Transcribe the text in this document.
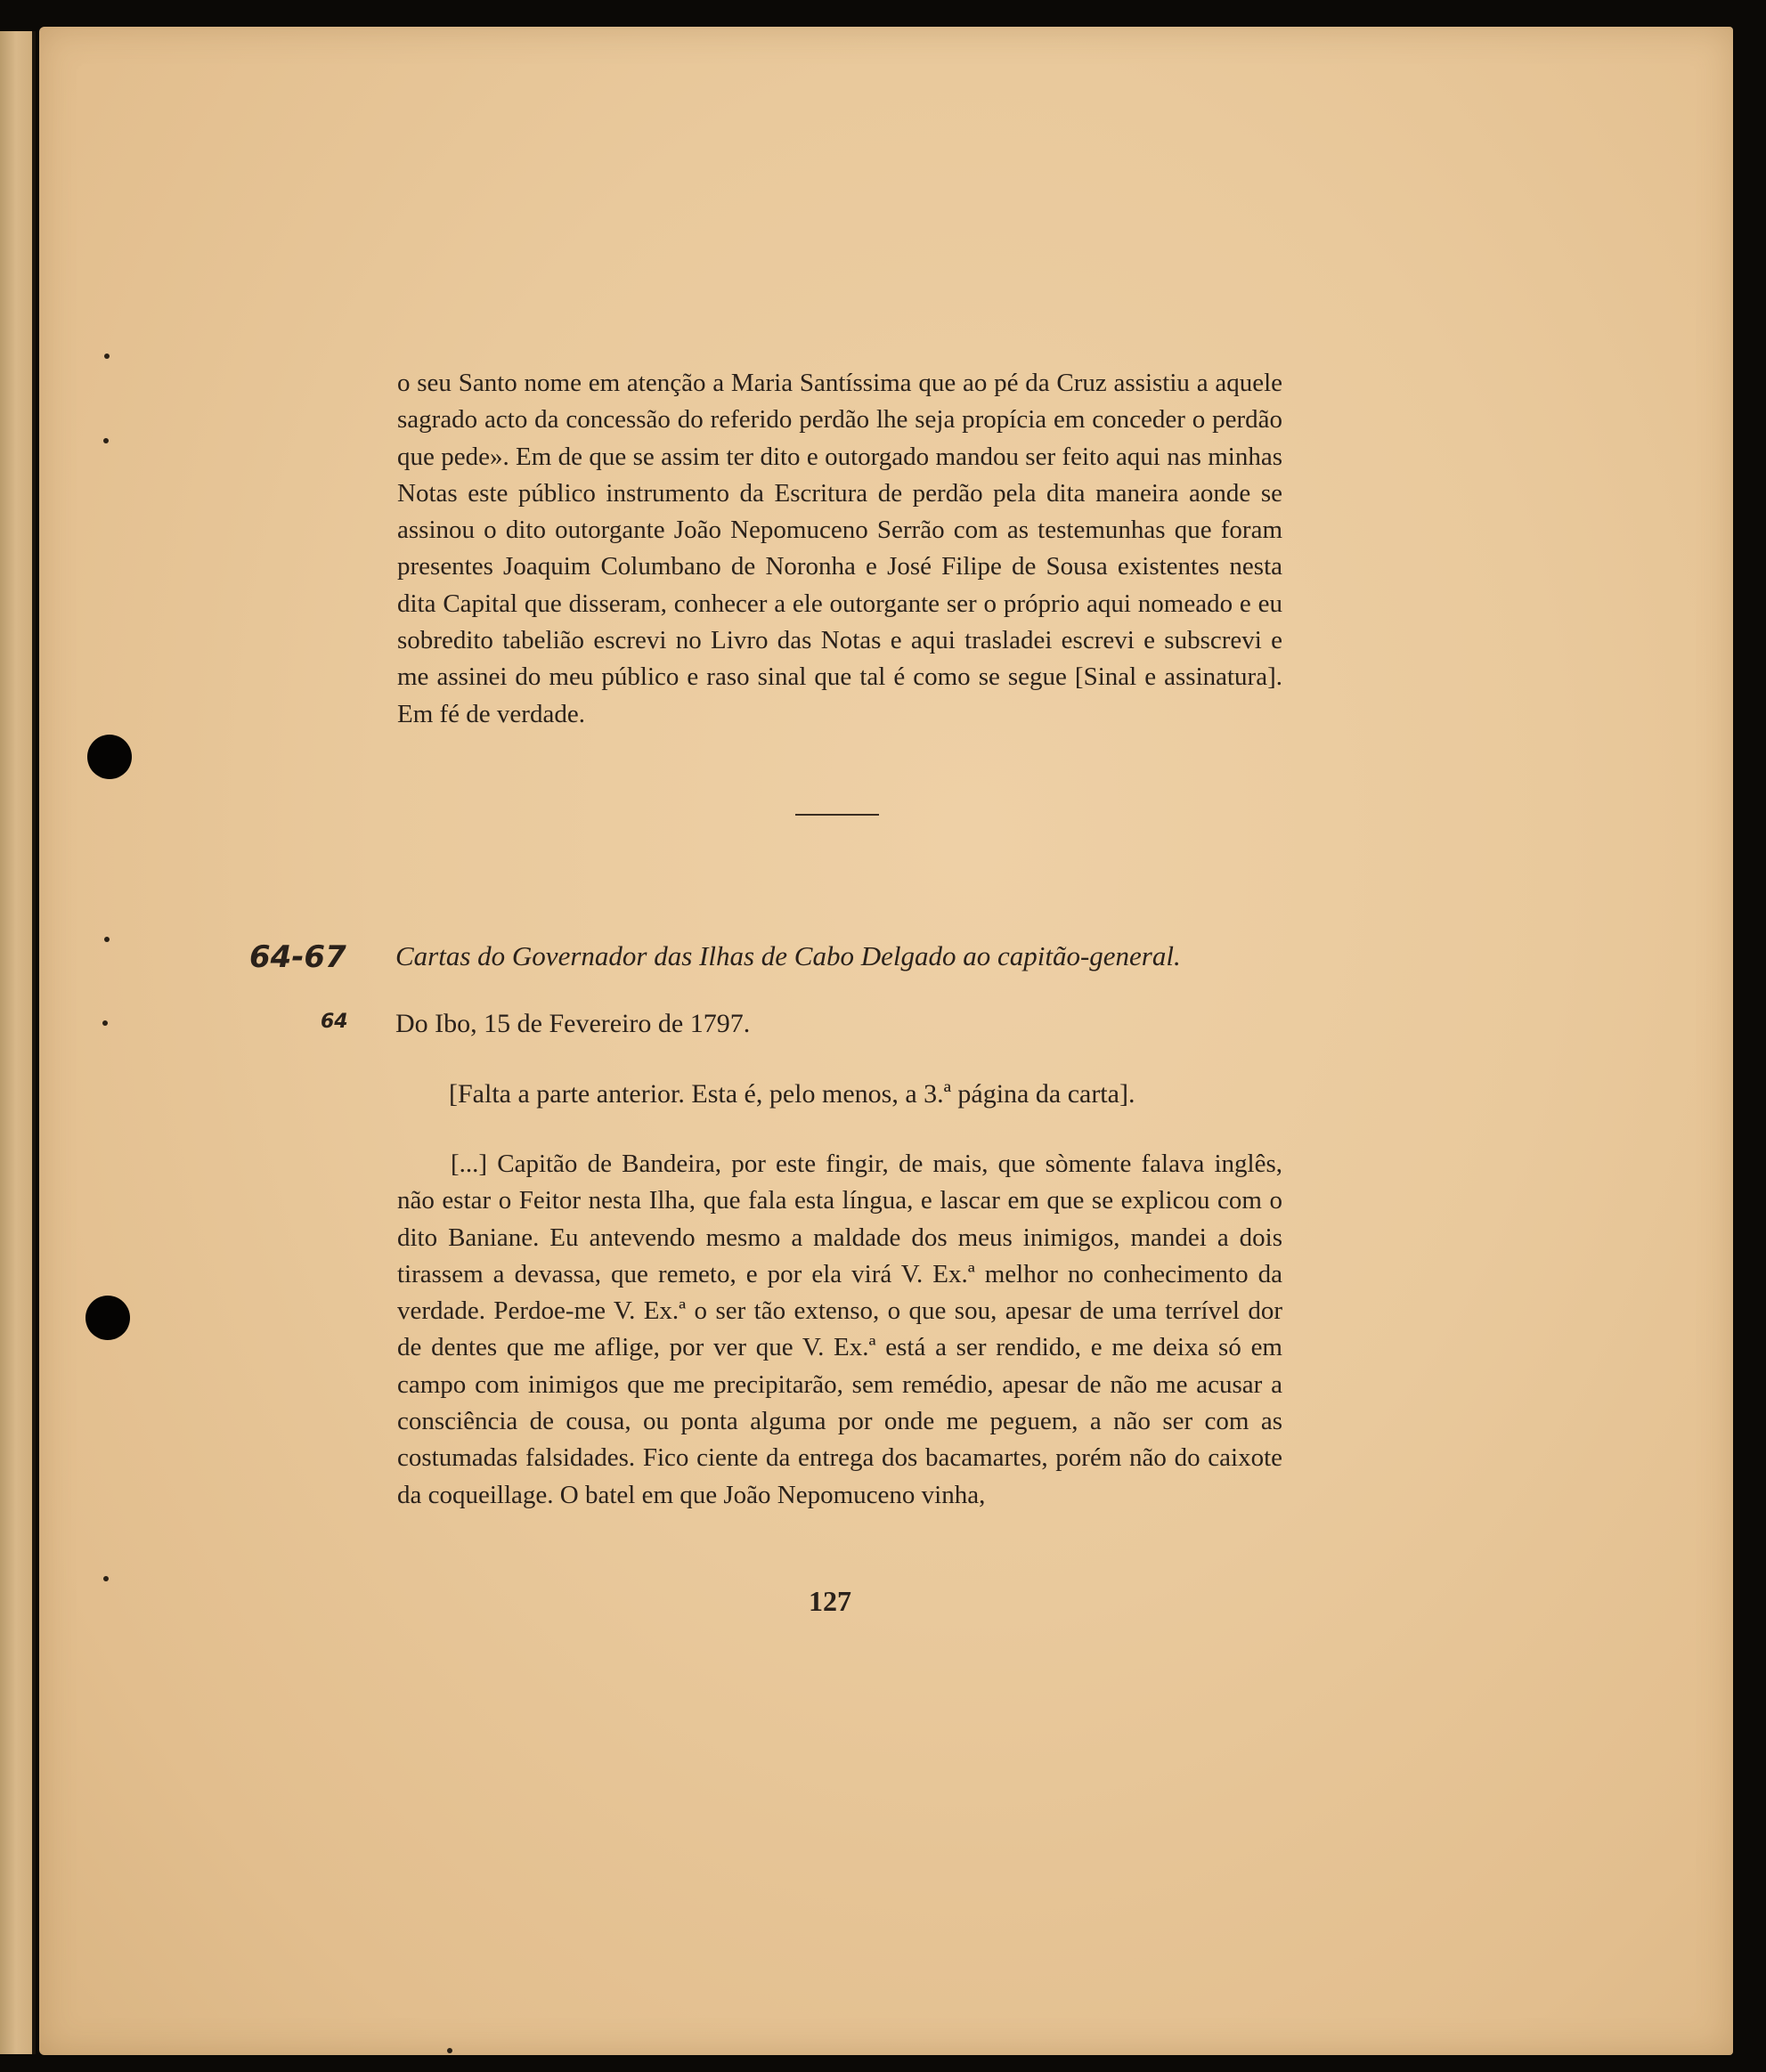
o seu Santo nome em atenção a Maria Santíssima que ao pé da Cruz assistiu a aquele sagrado acto da concessão do referido perdão lhe seja propícia em conceder o perdão que pede». Em de que se assim ter dito e outorgado mandou ser feito aqui nas minhas Notas este público instrumento da Escritura de perdão pela dita maneira aonde se assinou o dito outorgante João Nepomuceno Serrão com as testemunhas que foram presentes Joaquim Columbano de Noronha e José Filipe de Sousa existentes nesta dita Capital que disseram, conhecer a ele outorgante ser o próprio aqui nomeado e eu sobredito tabelião escrevi no Livro das Notas e aqui trasladei escrevi e subscrevi e me assinei do meu público e raso sinal que tal é como se segue [Sinal e assinatura]. Em fé de verdade.
64-67 Cartas do Governador das Ilhas de Cabo Delgado ao capitão-general.
64 Do Ibo, 15 de Fevereiro de 1797.
[Falta a parte anterior. Esta é, pelo menos, a 3.ª página da carta].
[...] Capitão de Bandeira, por este fingir, de mais, que sòmente falava inglês, não estar o Feitor nesta Ilha, que fala esta língua, e lascar em que se explicou com o dito Baniane. Eu antevendo mesmo a maldade dos meus inimigos, mandei a dois tirassem a devassa, que remeto, e por ela virá V. Ex.ª melhor no conhecimento da verdade. Perdoe-me V. Ex.ª o ser tão extenso, o que sou, apesar de uma terrível dor de dentes que me aflige, por ver que V. Ex.ª está a ser rendido, e me deixa só em campo com inimigos que me precipitarão, sem remédio, apesar de não me acusar a consciência de cousa, ou ponta alguma por onde me peguem, a não ser com as costumadas falsidades. Fico ciente da entrega dos bacamartes, porém não do caixote da coqueillage. O batel em que João Nepomuceno vinha,
127
